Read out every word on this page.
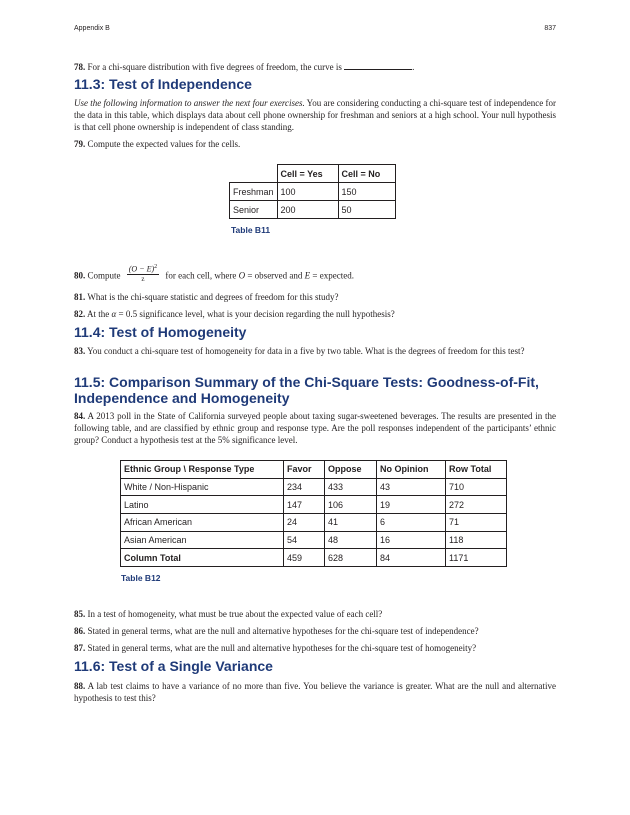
Appendix B	837
78. For a chi-square distribution with five degrees of freedom, the curve is	.
11.3: Test of Independence
Use the following information to answer the next four exercises. You are considering conducting a chi-square test of independence for the data in this table, which displays data about cell phone ownership for freshman and seniors at a high school. Your null hypothesis is that cell phone ownership is independent of class standing.
79. Compute the expected values for the cells.
	Cell = Yes	Cell = No
Freshman	100	150
Senior	200	50
Table B11
80. Compute $\frac{(O - E)^2}{z}$ for each cell, where O = observed and E = expected.
81. What is the chi-square statistic and degrees of freedom for this study?
82. At the α = 0.5 significance level, what is your decision regarding the null hypothesis?
11.4: Test of Homogeneity
83. You conduct a chi-square test of homogeneity for data in a five by two table. What is the degrees of freedom for this test?
11.5: Comparison Summary of the Chi-Square Tests: Goodness-of-Fit, Independence and Homogeneity
84. A 2013 poll in the State of California surveyed people about taxing sugar-sweetened beverages. The results are presented in the following table, and are classified by ethnic group and response type. Are the poll responses independent of the participants’ ethnic group? Conduct a hypothesis test at the 5% significance level.
Ethnic Group \ Response Type	Favor	Oppose	No Opinion	Row Total
White / Non-Hispanic	234	433	43	710
Latino	147	106	19	272
African American	24	41	6	71
Asian American	54	48	16	118
Column Total	459	628	84	1171
Table B12
85. In a test of homogeneity, what must be true about the expected value of each cell?
86. Stated in general terms, what are the null and alternative hypotheses for the chi-square test of independence?
87. Stated in general terms, what are the null and alternative hypotheses for the chi-square test of homogeneity?
11.6: Test of a Single Variance
88. A lab test claims to have a variance of no more than five. You believe the variance is greater. What are the null and alternative hypothesis to test this?
